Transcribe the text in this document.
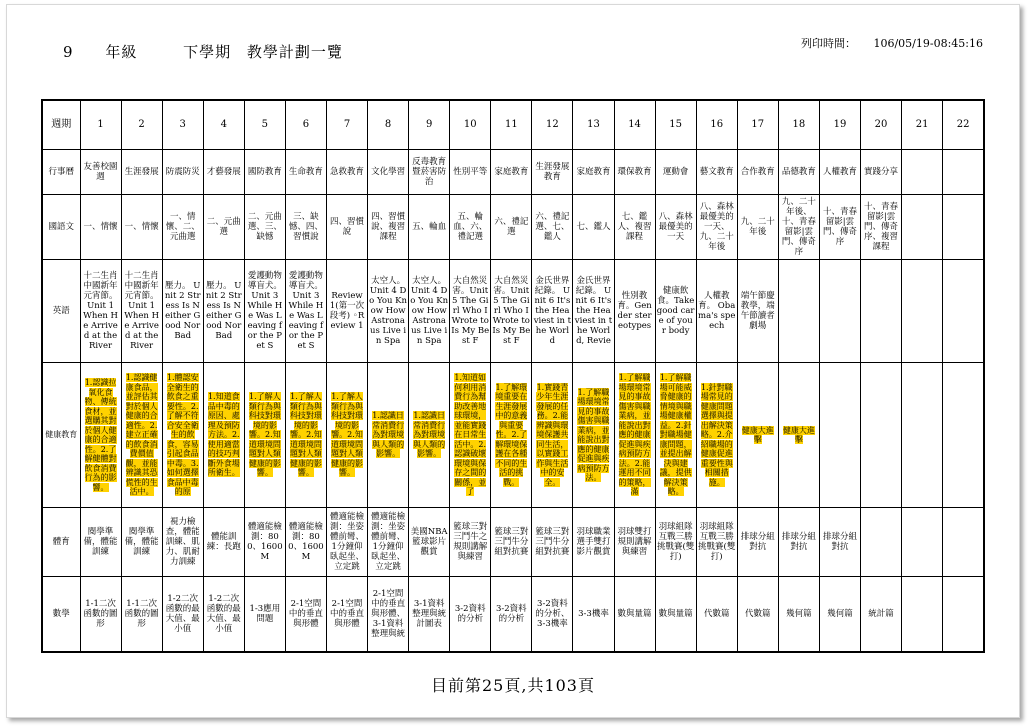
9 年級	下學期 教學計劃一覽	列印時間： 106/05/19-08:45:16
週期	1	2	3	4	5	6	7	8	9	10	11	12	13	14	15	16	17	18	19	20	21	22
行事曆	友善校園週	生涯發展	防震防災	才藝發展	國防教育	生命教育	急救教育	文化學習	反毒教育暨菸害防治	性別平等	家庭教育	生涯發展教育	家庭教育	環保教育	運動會	藝文教育	合作教育	品德教育	人權教育	實踐分享		
國語文	一、情懷	一、情懷	一、情懷、二、元曲選	二、元曲選	二、元曲選、三、缺憾	三、缺憾、四、習慣說	四、習慣說	四、習慣說、複習課程	五、輪血	五、輪血、六、禮記選	六、禮記選	六、禮記選、七、鑑人	七、鑑人	七、鑑人、複習課程	八、森林最優美的一天	八、森林最優美的一天、九、二十年後	九、二十年後	九、二十年後、十、青春留影|雲門、傳奇序	十、青春留影|雲門、傳奇序	十、青春留影|雲門、傳奇序、複習課程		
英語	十二生肖 中國新年 元宵節。 Unit 1 When He Arrived at the River	十二生肖 中國新年 元宵節。 Unit 1 When He Arrived at the River	壓力。 Unit 2 Stress Is Neither Good Nor Bad	壓力。 Unit 2 Stress Is Neither Good Nor Bad	愛護動物 導盲犬。 Unit 3 While He Was Leaving for the Pet S	愛護動物 導盲犬。 Unit 3 While He Was Leaving for the Pet S	Review 1(第一次段考) ◦Review 1	太空人。 Unit 4 Do You Know How Astronaus Live in Spa	太空人。 Unit 4 Do You Know How Astronaus Live in Spa	大自然災害。Unit 5 The Girl Who I Wrote to Is My Best F	大自然災害。Unit 5 The Girl Who I Wrote to Is My Best F	金氏世界紀錄。 Unit 6 It's the Heaviest in the World	金氏世界紀錄。 Unit 6 It's the Heaviest in the World, Revie	性別教育。Gender stereotypes	健康飲食。Take good care of your body	人權教育。 Obama's speech	端午節慶教學，端午節讀者劇場					
健康教育	1.認識拉氧化食物、傳統食材，並選購其對於個人健康的合適性。2.了解健體對飲食消費行為的影響。	1.認識健康食品，並評估其對於個人健康的合適性。2.建立正確的飲食消費價值觀，並能辨識其恐慌性的生活中。	1.體認安全衛生的飲食之重要性。2.了解不符合安全衛生的飲食，容易引起食品中毒。3.如何選擇食品中毒的原	1.知道食品中毒的原因、處理及預防方法。2.使用適當的技巧判斷外食場所衛生。	1.了解人類行為與科技對環境的影響。2.知道環境問題對人類健康的影響。	1.了解人類行為與科技對環境的影響。2.知道環境問題對人類健康的影響。	1.了解人類行為與科技對環境的影響。2.知道環境問題對人類健康的影響。	1.認識日常消費行為對環境與人類的影響。	1.認識日常消費行為對環境與人類的影響。	1.知道如何利用消費行為幫助改善地球環境，並能實踐在日常生活中。2.認識破壞環境與保存之間的關係，並了	1.了解環境重要在生涯發展中的意義與重要性。2.了解環境保護在各種不同的生活的挑戰。	1.實踐青少年生涯發展的任務。2.能辨識與環境保護共同生活，以實踐工作與生活中的安全。	1.了解職場環境常見的事故傷害與職業病，並能說出對應的健康促進與疾病預防方法。	1.了解職場環境常見的事故傷害與職業病，並能說出對應的健康促進與疾病預防方法。2.能運用不同的策略，滿	1.了解職場可能威脅健康的情境與職場健康權益。2.針對職場健康問題，並提出解決與建議，提供解決策略。	1.針對職場常見的健康問題選擇與提出解決策略。2.介紹職場的健康促進重要性與相關措施。	健康大進擊	健康大進擊				
體育	閱學準備，體能訓練	閱學準備，體能訓練	視力檢查，體能訓練、肌力、肌耐力訓練	體能訓練：長跑	體適能檢測：800、1600M	體適能檢測：800、1600M	體適能檢測：坐姿體前彎、1分鐘仰臥起坐、立定跳	體適能檢測：坐姿體前彎、1分鐘仰臥起坐、立定跳	美國NBA籃球影片觀賞	籃球三對三鬥牛之規則講解與練習	籃球三對三鬥牛分組對抗賽	籃球三對三鬥牛分組對抗賽	羽球職業選手雙打影片觀賞	羽球雙打規則講解與練習	羽球組隊互戰三勝挑戰賽(雙打)	羽球組隊互戰三勝挑戰賽(雙打)	排球分組對抗	排球分組對抗	排球分組對抗			
數學	1-1二次函數的圖形	1-1二次函數的圖形	1-2二次函數的最大值、最小值	1-2二次函數的最大值、最小值	1-3應用問題	2-1空間中的垂直與形體	2-1空間中的垂直與形體	2-1空間中的垂直與形體、3-1資料整理與統	3-1資料整理與統計圖表	3-2資料的分析	3-2資料的分析	3-2資料的分析、3-3機率	3-3機率	數與量篇	數與量篇	代數篇	代數篇	幾何篇	幾何篇	統計篇		
目前第25頁,共103頁
